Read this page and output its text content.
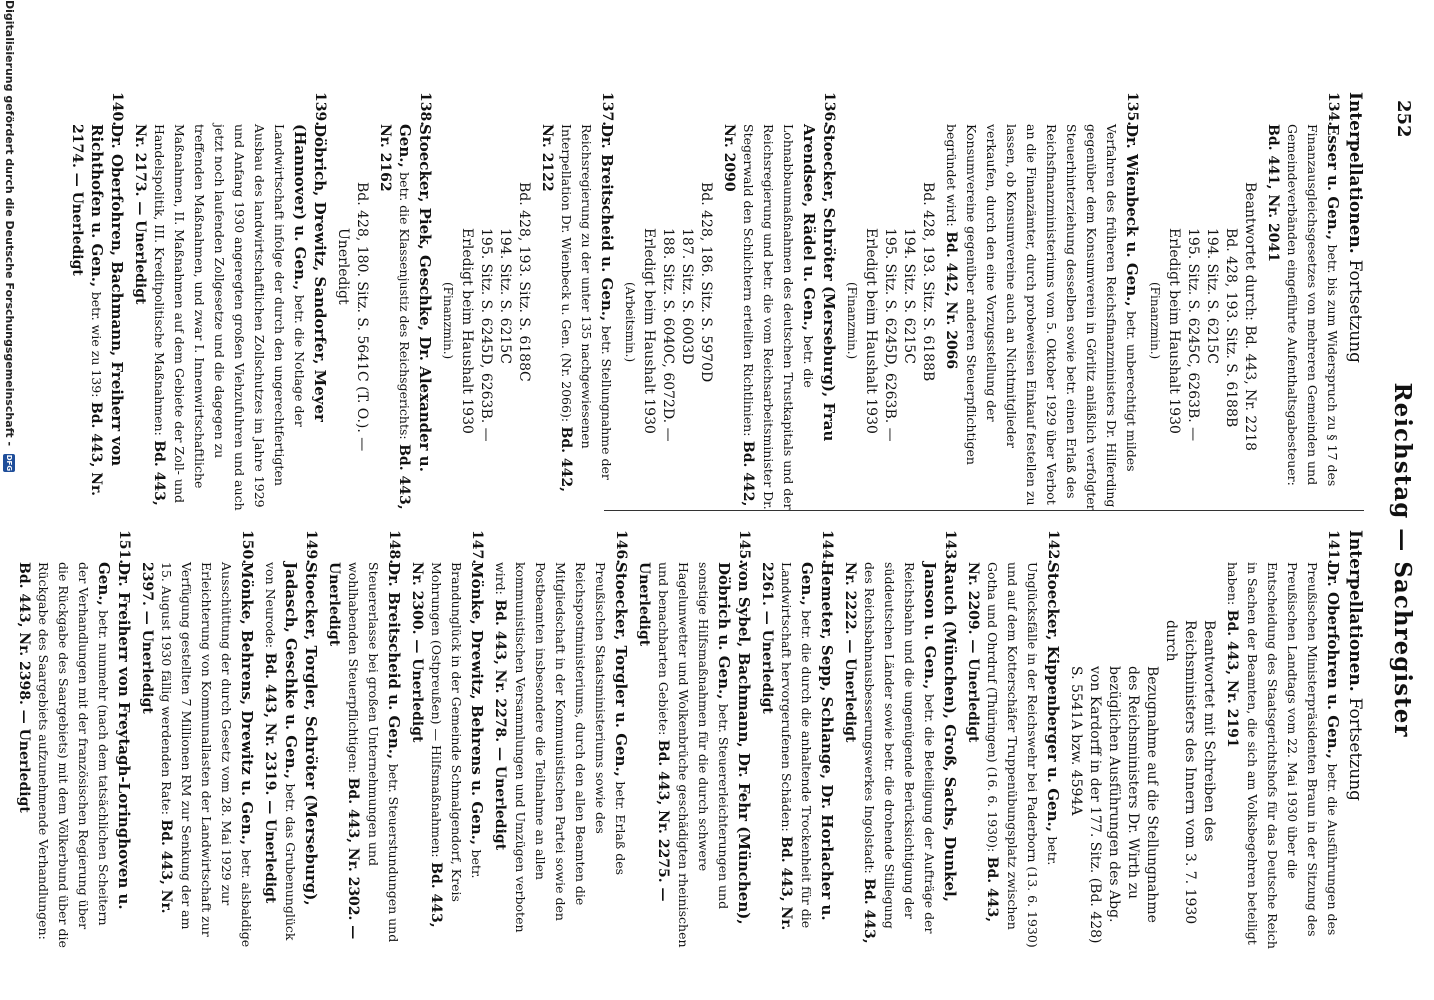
252
Reichstag — Sachregister
Interpellationen. Fortsetzung
134.
Esser u. Gen., betr. bis zum Widerspruch zu § 17 des Finanzausgleichsgesetzes von mehreren Gemeinden und Gemeindeverbänden eingeführte Aufenthaltsgabesteuer: Bd. 441, Nr. 2041
Beantwortet durch: Bd. 443, Nr. 2218
Bd. 428, 193. Sitz. S. 6188B
194. Sitz. S. 6215C
195. Sitz. S. 6245C, 6263B. —
Erledigt beim Haushalt 1930
(Finanzmin.)
135.
Dr. Wienbeck u. Gen., betr. unberechtigt mildes Verfahren des früheren Reichsfinanzministers Dr. Hilferding gegenüber dem Konsumverein in Görlitz anläßlich verfolgter Steuerhinterziehung desselben sowie betr. einen Erlaß des Reichsfinanzministeriums vom 5. Oktober 1929 über Verbot an die Finanzämter, durch probeweisen Einkauf festellen zu lassen, ob Konsumvereine auch an Nichtmitglieder verkaufen, durch den eine Vorzugsstellung der Konsumvereine gegenüber anderen Steuerpflichtigen begründet wird: Bd. 442, Nr. 2066
Bd. 428, 193. Sitz. S. 6188B
194. Sitz. S. 6215C
195. Sitz. S. 6245D, 6263B. —
Erledigt beim Haushalt 1930
(Finanzmin.)
136.
Stoecker, Schröter (Merseburg), Frau Arendsee, Rädel u. Gen., betr. die Lohnabbaumaßnahmen des deutschen Trustkapitals und der Reichsregierung und betr. die vom Reichsarbeitsminister Dr. Stegerwald den Schlichtern erteilten Richtlinien: Bd. 442, Nr. 2090
Bd. 428, 186. Sitz. S. 5970D
187. Sitz. S. 6003D
188. Sitz. S. 6040C, 6072D. —
Erledigt beim Haushalt 1930
(Arbeitsmin.)
137.
Dr. Breitscheid u. Gen., betr. Stellungnahme der Reichsregierung zu der unter 135 nachgewiesenen Interpellation Dr. Wienbeck u. Gen. (Nr. 2066): Bd. 442, Nr. 2122
Bd. 428, 193. Sitz. S. 6188C
194. Sitz. S. 6215C
195. Sitz. S. 6245D, 6263B. —
Erledigt beim Haushalt 1930
(Finanzmin.)
138.
Stoecker, Piek, Geschke, Dr. Alexander u. Gen., betr. die Klassenjustiz des Reichsgerichts: Bd. 443, Nr. 2162
Bd. 428, 180. Sitz. S. 5641C (T. O.). —
Unerledigt
139.
Döbrich, Drewitz, Sandorfer, Meyer (Hannover) u. Gen., betr. die Notlage der Landwirtschaft infolge der durch den ungerechtfertigten Ausbau des landwirtschaftlichen Zollschutzes im Jahre 1929 und Anfang 1930 angeregten großen Viehzufuhren und auch jetzt noch laufenden Zollgesetze und die dagegen zu treffenden Maßnahmen, und zwar I. Innenwirtschaftliche Maßnahmen, II. Maßnahmen auf dem Gebiete der Zoll- und Handelspolitik, III. Kreditpolitische Maßnahmen: Bd. 443, Nr. 2173. — Unerledigt
140.
Dr. Oberfohren, Bachmann, Freiherr von Richthofen u. Gen., betr. wie zu 139: Bd. 443, Nr. 2174. — Unerledigt
Interpellationen. Fortsetzung
141.
Dr. Oberfohren u. Gen., betr. die Ausführungen des Preußischen Ministerpräsidenten Braun in der Sitzung des Preußischen Landtags vom 22. Mai 1930 über die Entscheidung des Staatsgerichtshofs für das Deutsche Reich in Sachen der Beamten, die sich am Volksbegehren beteiligt haben: Bd. 443, Nr. 2191
Beantwortet mit Schreiben des Reichsministers des Innern vom 3. 7. 1930 durch
Bezugnahme auf die Stellungnahme des Reichsministers Dr. Wirth zu bezüglichen Ausführungen des Abg. von Kardorff in der 177. Sitz. (Bd. 428) S. 5541A bzw. 4594A
142.
Stoecker, Kippenberger u. Gen., betr. Unglücksfälle in der Reichswehr bei Paderborn (13. 6. 1930) und auf dem Kotterschäfer Truppenübungsplatz zwischen Gotha und Ohrdruf (Thüringen) (16. 6. 1930): Bd. 443, Nr. 2209. — Unerledigt
143.
Rauch (München), Groß, Sachs, Dunkel, Janson u. Gen., betr. die Beteiligung der Aufträge der Reichsbahn und die ungenügende Berücksichtigung der süddeutschen Länder sowie betr. die drohende Stillegung des Reichsbahnausbesserungswerkes Ingolstadt: Bd. 443, Nr. 2222. — Unerledigt
144.
Hemeter, Sepp, Schlange, Dr. Horlacher u. Gen., betr. die durch die anhaltende Trockenheit für die Landwirtschaft hervorgerufenen Schäden: Bd. 443, Nr. 2261. — Unerledigt
145.
von Sybel, Bachmann, Dr. Fehr (München), Döbrich u. Gen., betr. Steuererleichterungen und sonstige Hilfsmaßnahmen für die durch schwere Hagelunwetter und Wolkenbrüche geschädigten rheinischen und benachbarten Gebiete: Bd. 443, Nr. 2275. — Unerledigt
146.
Stoecker, Torgler u. Gen., betr. Erlaß des Preußischen Staatsministeriums sowie des Reichspostministeriums, durch den allen Beamten die Mitgliedschaft in der Kommunistischen Partei sowie den Postbeamten insbesondere die Teilnahme an allen kommunistischen Versammlungen und Umzügen verboten wird: Bd. 443, Nr. 2278. — Unerledigt
147.
Mönke, Drewitz, Behrens u. Gen., betr. Brandunglück in der Gemeinde Schmalgendorf, Kreis Mohrungen (Ostpreußen) — Hilfsmaßnahmen: Bd. 443, Nr. 2300. — Unerledigt
148.
Dr. Breitscheid u. Gen., betr. Steuerstundungen und Steuererlasse bei großen Unternehmungen und wohlhabenden Steuerpflichtigen: Bd. 443, Nr. 2302. — Unerledigt
149.
Stoecker, Torgler, Schröter (Merseburg), Jadasch, Geschke u. Gen., betr. das Grubenunglück von Neurode: Bd. 443, Nr. 2319. — Unerledigt
150.
Mönke, Behrens, Drewitz u. Gen., betr. alsbaldige Ausschüttung der durch Gesetz vom 28. Mai 1929 zur Erleichterung von Kommunallasten der Landwirtschaft zur Verfügung gestellten 7 Millionen RM zur Senkung der am 15. August 1930 fällig werdenden Rate: Bd. 443, Nr. 2397. — Unerledigt
151.
Dr. Freiherr von Freytagh-Loringhoven u. Gen., betr. nunmehr (nach dem tatsächlichen Scheitern der Verhandlungen mit der französischen Regierung über die Rückgabe des Saargebiets) mit dem Völkerbund über die Rückgabe des Saargebiets aufzunehmende Verhandlungen: Bd. 443, Nr. 2398. — Unerledigt
Digitalisierung gefördert durch die Deutsche Forschungsgemeinschaft - DFG
